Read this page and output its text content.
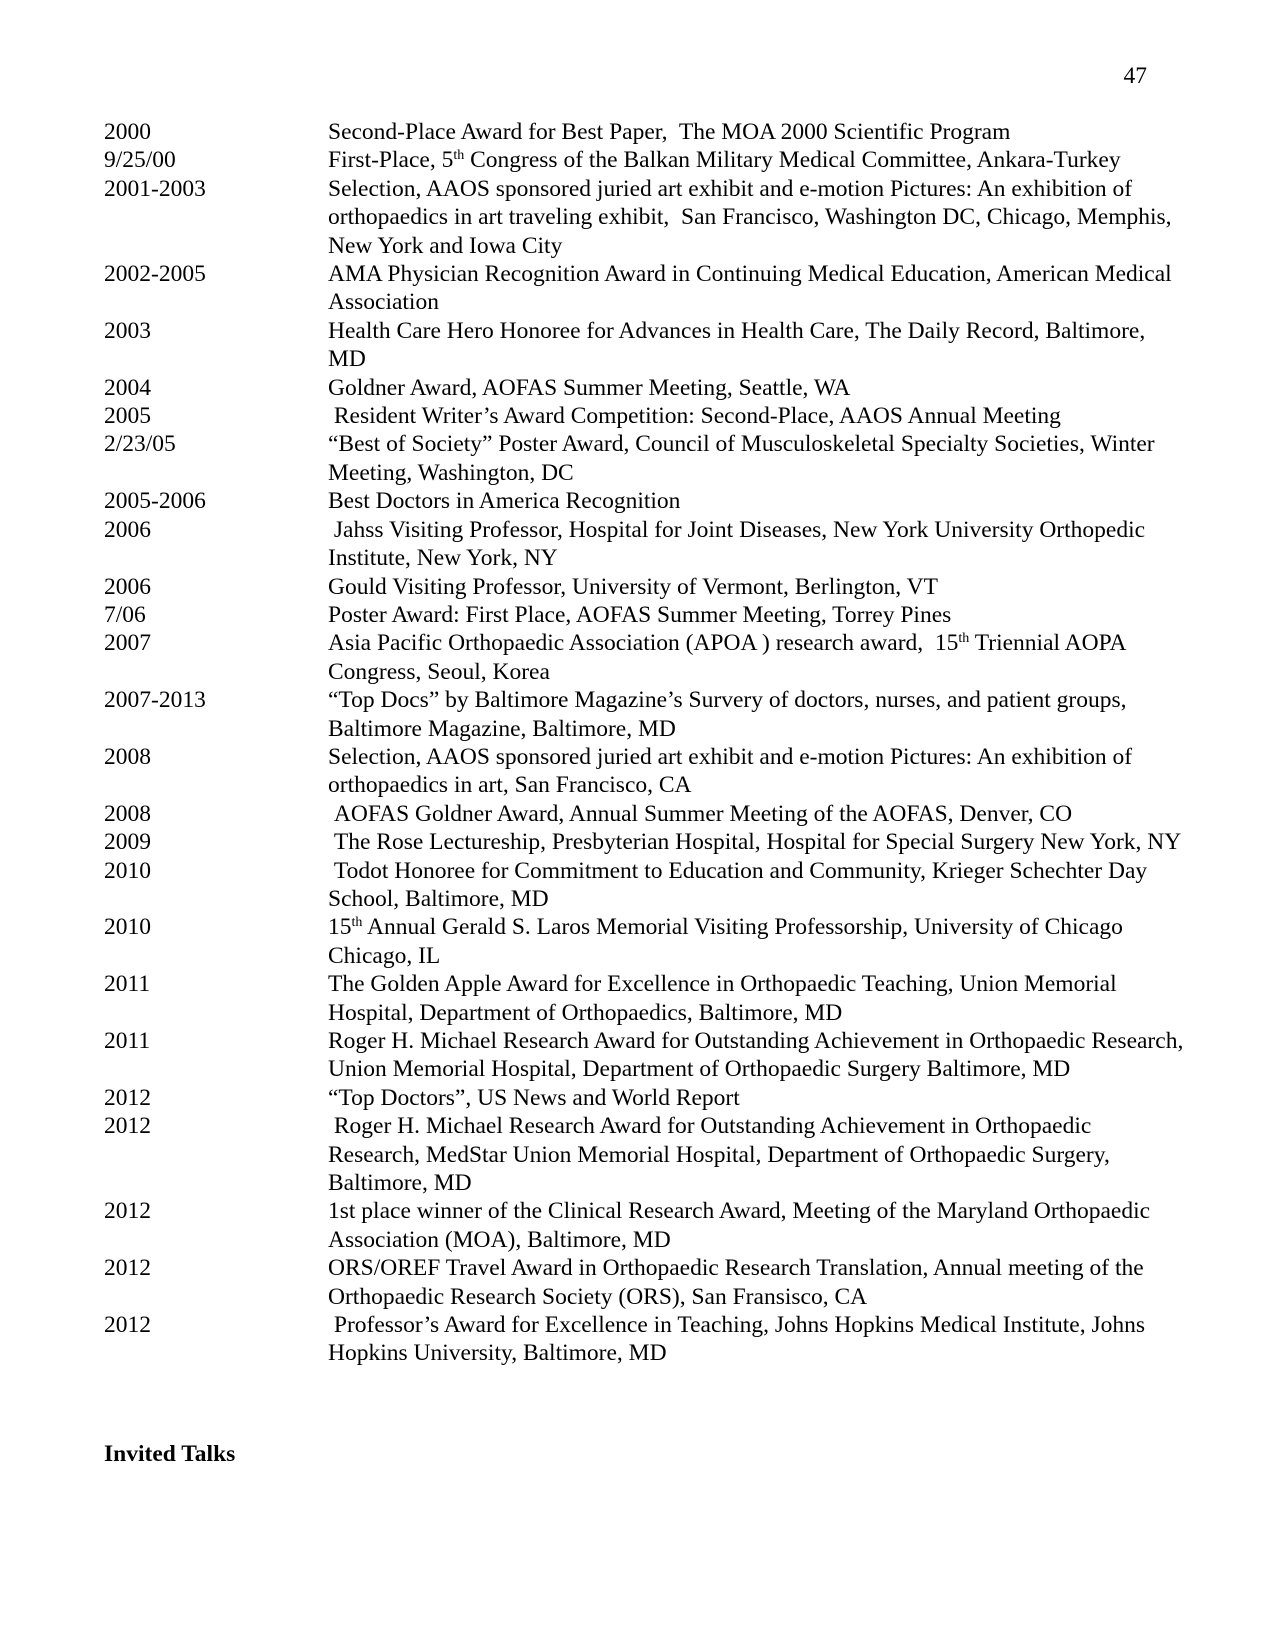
47
2000	Second-Place Award for Best Paper,  The MOA 2000 Scientific Program
9/25/00	First-Place, 5th Congress of the Balkan Military Medical Committee, Ankara-Turkey
2001-2003	Selection, AAOS sponsored juried art exhibit and e-motion Pictures: An exhibition of orthopaedics in art traveling exhibit,  San Francisco, Washington DC, Chicago, Memphis, New York and Iowa City
2002-2005	AMA Physician Recognition Award in Continuing Medical Education, American Medical Association
2003	Health Care Hero Honoree for Advances in Health Care, The Daily Record, Baltimore, MD
2004	Goldner Award, AOFAS Summer Meeting, Seattle, WA
2005	Resident Writer’s Award Competition: Second-Place, AAOS Annual Meeting
2/23/05	“Best of Society” Poster Award, Council of Musculoskeletal Specialty Societies, Winter Meeting, Washington, DC
2005-2006	Best Doctors in America Recognition
2006	Jahss Visiting Professor, Hospital for Joint Diseases, New York University Orthopedic Institute, New York, NY
2006	Gould Visiting Professor, University of Vermont, Berlington, VT
7/06	Poster Award: First Place, AOFAS Summer Meeting, Torrey Pines
2007	Asia Pacific Orthopaedic Association (APOA ) research award,  15th Triennial AOPA Congress, Seoul, Korea
2007-2013	“Top Docs” by Baltimore Magazine’s Survery of doctors, nurses, and patient groups, Baltimore Magazine, Baltimore, MD
2008	Selection, AAOS sponsored juried art exhibit and e-motion Pictures: An exhibition of orthopaedics in art, San Francisco, CA
2008	AOFAS Goldner Award, Annual Summer Meeting of the AOFAS, Denver, CO
2009	The Rose Lectureship, Presbyterian Hospital, Hospital for Special Surgery New York, NY
2010	Todot Honoree for Commitment to Education and Community, Krieger Schechter Day School, Baltimore, MD
2010	15th Annual Gerald S. Laros Memorial Visiting Professorship, University of Chicago Chicago, IL
2011	The Golden Apple Award for Excellence in Orthopaedic Teaching, Union Memorial Hospital, Department of Orthopaedics, Baltimore, MD
2011	Roger H. Michael Research Award for Outstanding Achievement in Orthopaedic Research, Union Memorial Hospital, Department of Orthopaedic Surgery Baltimore, MD
2012	“Top Doctors”, US News and World Report
2012	Roger H. Michael Research Award for Outstanding Achievement in Orthopaedic Research, MedStar Union Memorial Hospital, Department of Orthopaedic Surgery, Baltimore, MD
2012	1st place winner of the Clinical Research Award, Meeting of the Maryland Orthopaedic Association (MOA), Baltimore, MD
2012	ORS/OREF Travel Award in Orthopaedic Research Translation, Annual meeting of the Orthopaedic Research Society (ORS), San Fransisco, CA
2012	Professor’s Award for Excellence in Teaching, Johns Hopkins Medical Institute, Johns Hopkins University, Baltimore, MD
Invited Talks
